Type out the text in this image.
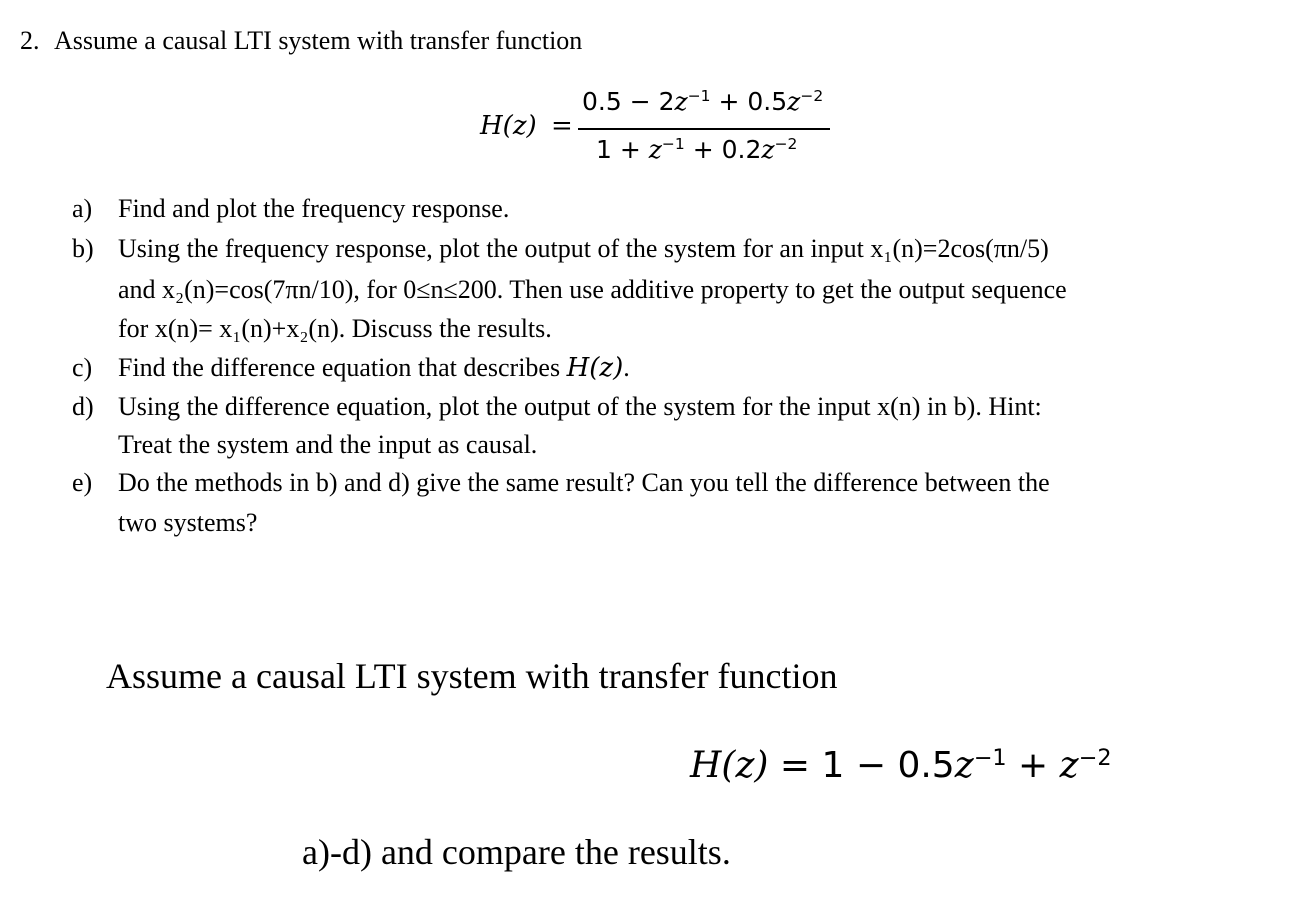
2. Assume a causal LTI system with transfer function
H(z) =
$0.5 - 2z^{-1} + 0.5z^{-2}$
$1 + z^{-1} + 0.2z^{-2}$
a) Find and plot the frequency response.
b) Using the frequency response, plot the output of the system for an input x₁(n)=2cos(πn/5)
and x₂(n)=cos(7πn/10), for 0≤n≤200. Then use additive property to get the output sequence
for x(n)= x₁(n)+x₂(n). Discuss the results.
c) Find the difference equation that describes H(z).
d) Using the difference equation, plot the output of the system for the input x(n) in b). Hint:
Treat the system and the input as causal.
e) Do the methods in b) and d) give the same result? Can you tell the difference between the
two systems?
Assume a causal LTI system with transfer function
$H(z) = 1 - 0.5z^{-1} + z^{-2}$
a)-d) and compare the results.
